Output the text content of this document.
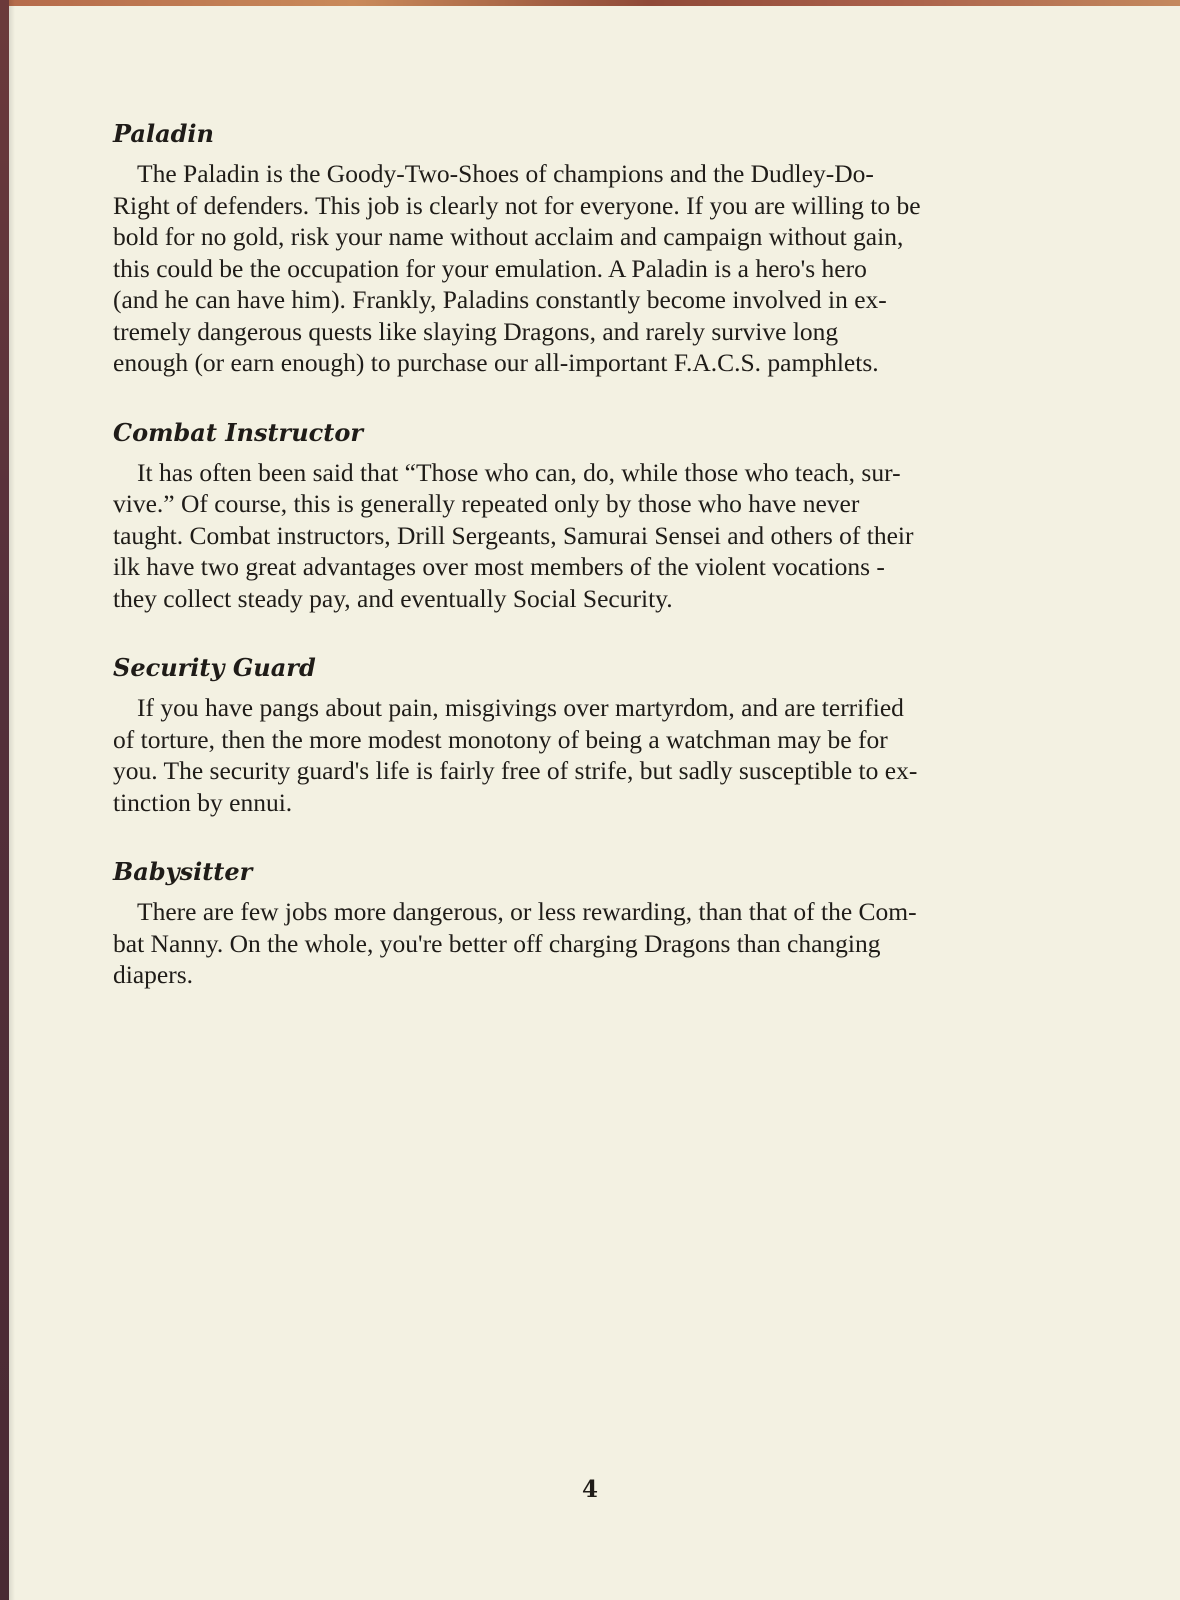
Paladin

The Paladin is the Goody-Two-Shoes of champions and the Dudley-Do-
Right of defenders. This job is clearly not for everyone. If you are willing to be
bold for no gold, risk your name without acclaim and campaign without gain,
this could be the occupation for your emulation. A Paladin is a hero's hero
(and he can have him). Frankly, Paladins constantly become involved in ex-
tremely dangerous quests like slaying Dragons, and rarely survive long
enough (or earn enough) to purchase our all-important F.A.C.S. pamphlets.

Combat Instructor

It has often been said that “Those who can, do, while those who teach, sur-
vive.” Of course, this is generally repeated only by those who have never
taught. Combat instructors, Drill Sergeants, Samurai Sensei and others of their
ilk have two great advantages over most members of the violent vocations -
they collect steady pay, and eventually Social Security.

Security Guard

If you have pangs about pain, misgivings over martyrdom, and are terrified
of torture, then the more modest monotony of being a watchman may be for
you. The security guard's life is fairly free of strife, but sadly susceptible to ex-
tinction by ennui.

Babysitter

There are few jobs more dangerous, or less rewarding, than that of the Com-
bat Nanny. On the whole, you're better off charging Dragons than changing
diapers.

4
